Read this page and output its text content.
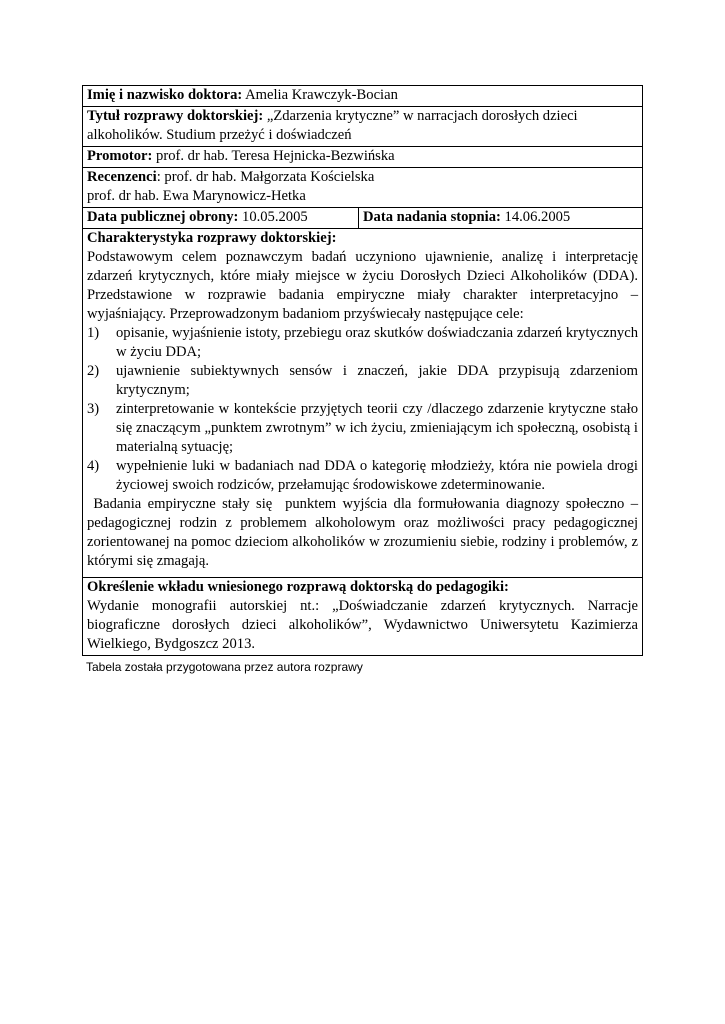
Imię i nazwisko doktora: Amelia Krawczyk-Bocian
Tytuł rozprawy doktorskiej: „Zdarzenia krytyczne” w narracjach dorosłych dzieci alkoholików. Studium przeżyć i doświadczeń
Promotor: prof. dr hab. Teresa Hejnicka-Bezwińska
Recenzenci: prof. dr hab. Małgorzata Kościelska
prof. dr hab. Ewa Marynowicz-Hetka
Data publicznej obrony: 10.05.2005	Data nadania stopnia: 14.06.2005

Charakterystyka rozprawy doktorskiej:
Podstawowym celem poznawczym badań uczyniono ujawnienie, analizę i interpretację zdarzeń krytycznych, które miały miejsce w życiu Dorosłych Dzieci Alkoholików (DDA). Przedstawione w rozprawie badania empiryczne miały charakter interpretacyjno – wyjaśniający. Przeprowadzonym badaniom przyświecały następujące cele:
1) opisanie, wyjaśnienie istoty, przebiegu oraz skutków doświadczania zdarzeń krytycznych w życiu DDA;
2) ujawnienie subiektywnych sensów i znaczeń, jakie DDA przypisują zdarzeniom krytycznym;
3) zinterpretowanie w kontekście przyjętych teorii czy /dlaczego zdarzenie krytyczne stało się znaczącym „punktem zwrotnym” w ich życiu, zmieniającym ich społeczną, osobistą i materialną sytuację;
4) wypełnienie luki w badaniach nad DDA o kategorię młodzieży, która nie powiela drogi życiowej swoich rodziców, przełamując środowiskowe zdeterminowanie.
Badania empiryczne stały się  punktem wyjścia dla formułowania diagnozy społeczno – pedagogicznej rodzin z problemem alkoholowym oraz możliwości pracy pedagogicznej zorientowanej na pomoc dzieciom alkoholików w zrozumieniu siebie, rodziny i problemów, z którymi się zmagają.

Określenie wkładu wniesionego rozprawą doktorską do pedagogiki:
Wydanie monografii autorskiej nt.: „Doświadczanie zdarzeń krytycznych. Narracje biograficzne dorosłych dzieci alkoholików”, Wydawnictwo Uniwersytetu Kazimierza Wielkiego, Bydgoszcz 2013.
Tabela została przygotowana przez autora rozprawy
